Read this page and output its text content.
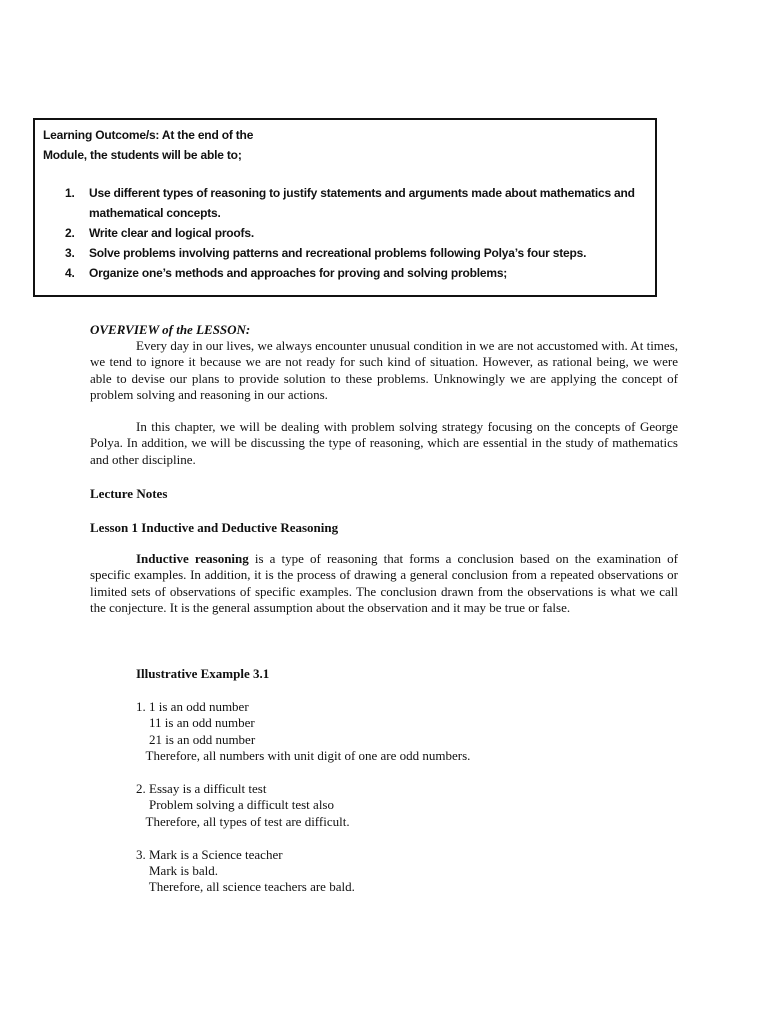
Learning Outcome/s: At the end of the
Module, the students will be able to;
1. Use different types of reasoning to justify statements and arguments made about mathematics and
mathematical concepts.
2. Write clear and logical proofs.
3. Solve problems involving patterns and recreational problems following Polya’s four steps.
4. Organize one’s methods and approaches for proving and solving problems;
OVERVIEW of the LESSON:

Every day in our lives, we always encounter unusual condition in we are not accustomed with. At times, we tend to ignore it because we are not ready for such kind of situation. However, as rational being, we were able to devise our plans to provide solution to these problems. Unknowingly we are applying the concept of problem solving and reasoning in our actions.

In this chapter, we will be dealing with problem solving strategy focusing on the concepts of George Polya. In addition, we will be discussing the type of reasoning, which are essential in the study of mathematics and other discipline.

Lecture Notes
Lesson 1 Inductive and Deductive Reasoning

Inductive reasoning is a type of reasoning that forms a conclusion based on the examination of specific examples. In addition, it is the process of drawing a general conclusion from a repeated observations or limited sets of observations of specific examples. The conclusion drawn from the observations is what we call the conjecture. It is the general assumption about the observation and it may be true or false.

Illustrative Example 3.1
1. 1 is an odd number
11 is an odd number
21 is an odd number
Therefore, all numbers with unit digit of one are odd numbers.
2. Essay is a difficult test
Problem solving a difficult test also
Therefore, all types of test are difficult.
3. Mark is a Science teacher
Mark is bald.
Therefore, all science teachers are bald.
